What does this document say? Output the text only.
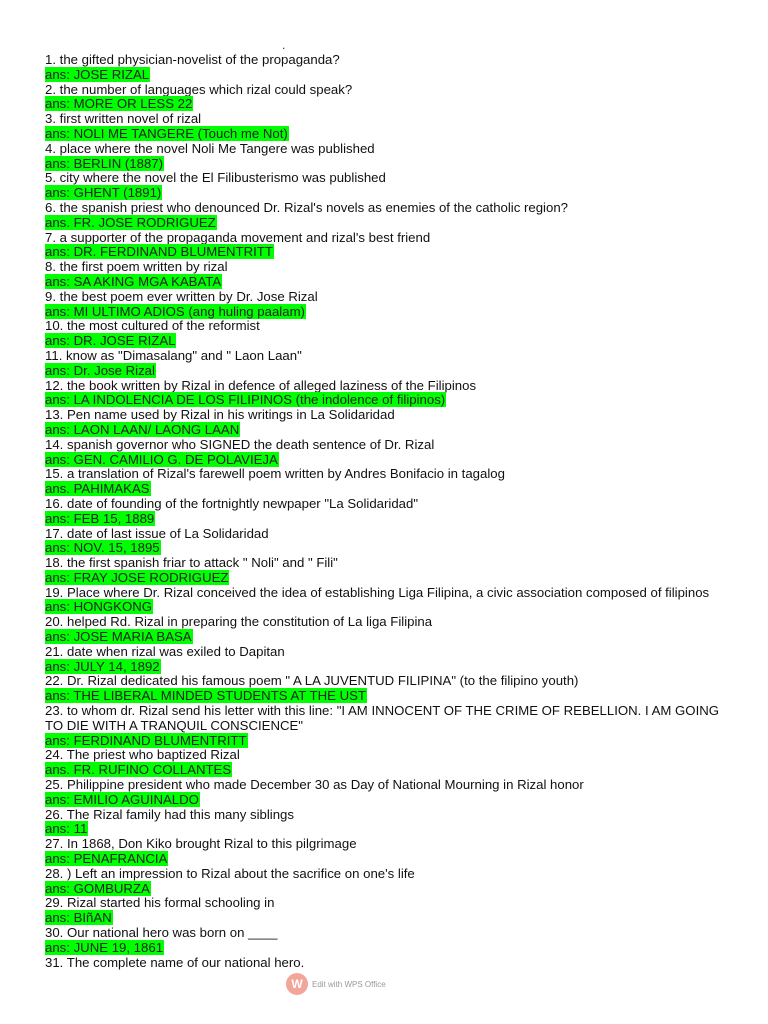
.
1. the gifted physician-novelist of the propaganda?
ans: JOSE RIZAL
2. the number of languages which rizal could speak?
ans: MORE OR LESS 22
3. first written novel of rizal
ans: NOLI ME TANGERE (Touch me Not)
4. place where the novel Noli Me Tangere was published
ans: BERLIN (1887)
5. city where the novel the El Filibusterismo was published
ans: GHENT (1891)
6. the spanish priest who denounced Dr. Rizal's novels as enemies of the catholic region?
ans. FR. JOSE RODRIGUEZ
7. a supporter of the propaganda movement and rizal's best friend
ans: DR. FERDINAND BLUMENTRITT
8. the first poem written by rizal
ans: SA AKING MGA KABATA
9. the best poem ever written by Dr. Jose Rizal
ans: MI ULTIMO ADIOS (ang huling paalam)
10. the most cultured of the reformist
ans: DR. JOSE RIZAL
11. know as "Dimasalang" and " Laon Laan"
ans: Dr. Jose Rizal
12. the book written by Rizal in defence of alleged laziness of the Filipinos
ans: LA INDOLENCIA DE LOS FILIPINOS (the indolence of filipinos)
13. Pen name used by Rizal in his writings in La Solidaridad
ans: LAON LAAN/ LAONG LAAN
14. spanish governor who SIGNED the death sentence of Dr. Rizal
ans: GEN. CAMILIO G. DE POLAVIEJA
15. a translation of Rizal's farewell poem written by Andres Bonifacio in tagalog
ans. PAHIMAKAS
16. date of founding of the fortnightly newpaper "La Solidaridad"
ans: FEB 15, 1889
17. date of last issue of La Solidaridad
ans: NOV. 15, 1895
18. the first spanish friar to attack " Noli" and " Fili"
ans: FRAY JOSE RODRIGUEZ
19. Place where Dr. Rizal conceived the idea of establishing Liga Filipina, a civic association composed of filipinos
ans: HONGKONG
20. helped Rd. Rizal in preparing the constitution of La liga Filipina
ans: JOSE MARIA BASA
21. date when rizal was exiled to Dapitan
ans: JULY 14, 1892
22. Dr. Rizal dedicated his famous poem " A LA JUVENTUD FILIPINA" (to the filipino youth)
ans: THE LIBERAL MINDED STUDENTS AT THE UST
23. to whom dr. Rizal send his letter with this line: "I AM INNOCENT OF THE CRIME OF REBELLION. I AM GOING TO DIE WITH A TRANQUIL CONSCIENCE"
ans: FERDINAND BLUMENTRITT
24. The priest who baptized Rizal
ans. FR. RUFINO COLLANTES
25. Philippine president who made December 30 as Day of National Mourning in Rizal honor
ans: EMILIO AGUINALDO
26. The Rizal family had this many siblings
ans: 11
27. In 1868, Don Kiko brought Rizal to this pilgrimage
ans: PENAFRANCIA
28. ) Left an impression to Rizal about the sacrifice on one's life
ans: GOMBURZA
29. Rizal started his formal schooling in
ans: BIñAN
30. Our national hero was born on ____
ans: JUNE 19, 1861
31. The complete name of our national hero.
W	Edit with WPS Office
